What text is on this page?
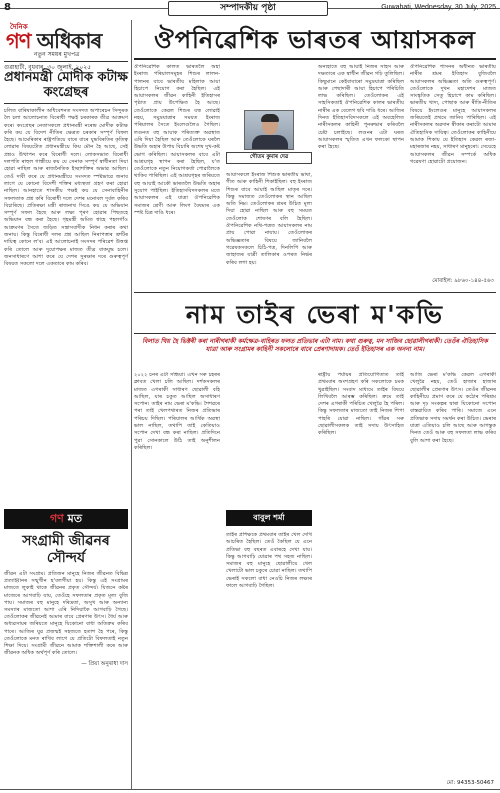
8	সম্পাদকীয় পৃষ্ঠা	Guwahati, Wednesday, 30 July, 2025
দৈনিক
গণ অধিকাৰ
নতুন সময়ৰ মুখপত্ৰ
গুৱাহাটী, বুধবাৰ, ৩০ জুলাই, ২০২৫
প্ৰধানমন্ত্ৰী মোদীক কটাক্ষ কংগ্ৰেছৰ
চলিত বাৰিষাকালীন অধিবেশনত সংসদত অপাৰেচন সিন্দুৰক লৈ চলা আলোচনাত বিৰোধী পক্ষই চৰকাৰক তীব্ৰ আক্ৰমণ কৰে। কংগ্ৰেছৰ নেতাসকলে প্ৰধানমন্ত্ৰী নৰেন্দ্ৰ মোদীক কটাক্ষ কৰি কয় যে বিদেশ নীতিৰ ক্ষেত্ৰত চৰকাৰ সম্পূৰ্ণ বিফল হৈছে। আমেৰিকাৰ ৰাষ্ট্ৰপতিয়ে বাৰে বাৰে যুদ্ধবিৰতিৰ কৃতিত্ব লোৱাৰ বিষয়টোত প্ৰধানমন্ত্ৰীয়ে কিয় মৌন হৈ আছে, সেই প্ৰশ্নও উত্থাপন কৰে বিৰোধী দলে। লোকসভাত বিৰোধী দলপতি ৰাহুল গান্ধীয়ে কয় যে সেনাক সম্পূৰ্ণ স্বাধীনতা দিয়া হোৱা নাছিল আৰু ৰাজনৈতিক ইচ্ছাশক্তিৰ অভাৱ আছিল। তেওঁ দাবী কৰে যে প্ৰধানমন্ত্ৰীয়ে সংসদত স্পষ্টভাৱে জনাব লাগে যে কোনো বিদেশী শক্তিৰ মধ্যস্থতা গ্ৰহণ কৰা হোৱা নাছিল। আনহাতে শাসকীয় পক্ষই কয় যে সেনাবাহিনীৰ সফলতাক প্ৰশ্ন কৰি বিৰোধী দলে দেশৰ মনোবল দুৰ্বল কৰিব বিচাৰিছে। প্ৰতিৰক্ষা মন্ত্ৰী ৰাজনাথ সিঙে কয় যে অভিযান সম্পূৰ্ণ সফল হৈছে আৰু লক্ষ্য পূৰণ হোৱাৰ পিছতহে অভিযান বন্ধ কৰা হৈছে। গৃহমন্ত্ৰী অমিত শ্বাহে পহলগাঁও আক্ৰমণৰ সৈতে জড়িত সন্ত্ৰাসবাদীক নিধন কৰাৰ কথা জনায়। কিন্তু বিৰোধী দলৰ প্ৰশ্ন আছিল নিৰাপত্তাৰ ত্ৰুটিৰ দায়িত্ব কোনে ল'ব। এই আলোচনাই সংসদৰ পৰিৱেশ উত্তপ্ত কৰি তোলে আৰু দুয়োপক্ষৰ মাজত তীব্ৰ বাকযুদ্ধ চলে। জনসাধাৰণে আশা কৰে যে দেশৰ সুৰক্ষাৰ দৰে গুৰুত্বপূৰ্ণ বিষয়ত সকলো দলে একতাৰে কাম কৰিব।
গণ মত
সংগ্ৰামী জীৱনৰ সৌন্দৰ্য
জীৱন এটা সংগ্ৰাম। প্ৰতিজন মানুহে নিজৰ জীৱনত বিভিন্ন প্ৰত্যাহ্বানৰ সন্মুখীন হ'বলগীয়া হয়। কিন্তু এই সংগ্ৰামৰ মাজতে লুকাই থাকে জীৱনৰ প্ৰকৃত সৌন্দৰ্য। যিজনে কষ্টৰ মাজেৰে আগবাঢ়ি যায়, তেওঁহে সফলতাৰ প্ৰকৃত মূল্য বুজি পায়। সমাজৰ বহু মানুহে দৰিদ্ৰতা, অসুখ আৰু অন্যান্য সমস্যাৰ মাজতো আশা এৰি নিদিয়াকৈ আগবাঢ়ি গৈছে। তেওঁলোকৰ জীৱনেই আমাৰ বাবে প্ৰেৰণাৰ উৎস। ধৈৰ্য আৰু অধ্যৱসায়ৰ জৰিয়তে মানুহে যিকোনো বাধা অতিক্ৰম কৰিব পাৰে। আজিৰ যুৱ প্ৰজন্মই সহজতে হতাশ হৈ পৰে, কিন্তু তেওঁলোকে মনত ৰাখিব লাগে যে প্ৰতিটো বিফলতাই নতুন শিক্ষা দিয়ে। সংগ্ৰামী জীৱনে আমাক শক্তিশালী কৰে আৰু জীৱনক অধিক অৰ্থপূৰ্ণ কৰি তোলে।
— প্ৰিয়া অনুৰাধা দাস
ঔপনিৱেশিক ভাৰতৰ আয়াসকল
ঔপনিৱেশিক কালত ভাৰতলৈ অহা ইংৰাজ পৰিয়ালসমূহৰ শিশুৰ লালন-পালনৰ বাবে ভাৰতীয় মহিলাক আয়া হিচাপে নিয়োগ কৰা হৈছিল। এই আয়াসকলৰ জীৱন কাহিনী ইতিহাসৰ পৃষ্ঠাত প্ৰায় উপেক্ষিত হৈ আছে। তেওঁলোকে কেৱল শিশুৰ যত্ন লোৱাই নহয়, সমুদ্ৰযাত্ৰাৰ সময়ত ইংৰাজ পৰিয়ালৰ সৈতে ইংলেণ্ডলৈও গৈছিল। লণ্ডনত বহু আয়াক পৰিত্যক্ত অৱস্থাত এৰি দিয়া হৈছিল আৰু তেওঁলোকে ঘৰলৈ উভতি অহাৰ উপায় বিচাৰি অশেষ দুখ-কষ্ট ভোগ কৰিছিল। আয়াসকলৰ বাবে এটা আশ্ৰয়গৃহ স্থাপন কৰা হৈছিল, য'ত তেওঁলোকে নতুন নিয়োগকৰ্তা পোৱালৈকে থাকিব পাৰিছিল। এই আশ্ৰয়গৃহৰ জৰিয়তে বহু আয়াই আকৌ ভাৰতলৈ উভতি অহাৰ সুযোগ পাইছিল। ইতিহাসবিদসকলৰ মতে আয়াসকলৰ এই যাত্ৰা ঔপনিৱেশিক সমাজৰ শ্ৰেণী আৰু লিংগ বৈষম্যৰ এক স্পষ্ট চিত্ৰ দাঙি ধৰে।
আয়াসকলে ইংৰাজ শিশুক ভাৰতীয় ভাষা, গীত আৰু কাহিনী শিকাইছিল। বহু ইংৰাজ শিশুৰ বাবে আয়াই আছিল মাতৃৰ দৰে। কিন্তু সমাজত তেওঁলোকৰ স্থান আছিল অতি নিম্ন। তেওঁলোকৰ শ্ৰমৰ উচিত মূল্য দিয়া হোৱা নাছিল আৰু বহু সময়ত তেওঁলোক শোষণৰ বলি হৈছিল। ঔপনিৱেশিক নথি-পত্ৰত আয়াসকলৰ নাম প্ৰায় পোৱা নাযায়। তেওঁলোকৰ অভিজ্ঞতাৰ বিষয়ে জানিবলৈ গৱেষকসকলে চিঠি-পত্ৰ, দিনলিপি আৰু জাহাজৰ যাত্ৰী তালিকাৰ ওপৰত নিৰ্ভৰ কৰিব লগা হয়।
অন্যহাতে বহু আয়াই নিজৰ সাহস আৰু দক্ষতাৰে এক স্বাধীন জীৱন গঢ়ি তুলিছিল। কিছুমানে কেইবাবাৰো সমুদ্ৰযাত্ৰা কৰিছিল আৰু পেছাদাৰী আয়া হিচাপে পৰিচিতি লাভ কৰিছিল। তেওঁলোকৰ এই সাহসিকতাই ঔপনিৱেশিক কালৰ ভাৰতীয় নাৰীৰ এক বেলেগ ছবি দাঙি ধৰে। আজিৰ দিনত ইতিহাসবিদসকলে এই অবহেলিত নাৰীসকলৰ কাহিনী পুনৰুদ্ধাৰ কৰিবলৈ চেষ্টা চলাইছে। লণ্ডনৰ এটা ঘৰত আয়াসকলৰ স্মৃতিত এখন ফলকো স্থাপন কৰা হৈছে।
ঔপনিৱেশিক শাসনৰ অধীনত ভাৰতীয় নাৰীৰ শ্ৰমৰ ইতিহাস বুজিবলৈ আয়াসকলৰ অভিজ্ঞতা অতি গুৰুত্বপূৰ্ণ। তেওঁলোকে দুখন মহাদেশৰ মাজত সাংস্কৃতিক সেতু হিচাপে কাম কৰিছিল। ভাৰতীয় খাদ্য, পোছাক আৰু ৰীতি-নীতিৰ বিষয়ে ইংলেণ্ডৰ মানুহে আয়াসকলৰ জৰিয়তেই প্ৰথমে জানিব পাৰিছিল। এই নাৰীসকলৰ অৱদান স্বীকাৰ কৰাটো আমাৰ ঐতিহাসিক দায়িত্ব। তেওঁলোকৰ কাহিনীয়ে আমাক শিকায় যে ইতিহাস কেৱল ৰজা-মহাৰজাৰ নহয়, সাধাৰণ মানুহৰো। সেয়েহে আয়াসকলৰ জীৱন সম্পৰ্কে অধিক গৱেষণা হোৱাটো প্ৰয়োজন।
গৌতম কুমাৰ দেৱ
মোবাইল: ৯৮৬০-১৪৪-৫৬৩
নাম তাইৰ ভেৰা ম'কভি
বিলাত থিয় হৈ ভিক্টৰী কৰা নাৰীগৰাকী কৰ্মক্ষেত্ৰ-বাহিৰত ফলত প্ৰতিভাৰ এটা নাম। কথা গুৰুত্ব, মন সাজিব ছোৱালীগৰাকী। তেওঁৰ ঐতিহাসিক যাত্ৰা আৰু সংগ্ৰামৰ কাহিনী সকলোৰে বাবে প্ৰেৰণাদায়ক। তেওঁ ইতিহাসৰ এক অনন্য নাম।
২০২২ চনৰ এটা সন্ধিয়া। এখন সৰু চহৰৰ ক্লাবত খেলা চলি আছিল। দৰ্শকসকলৰ মাজত এগৰাকী সাধাৰণ ছোৱালী বহি আছিল, যাৰ চকুত আছিল অসাধাৰণ সপোন। তাইৰ নাম ভেৰা ম'কভি। শৈশৱৰে পৰা তাই খেলপথাৰত নিজৰ প্ৰতিভাৰ পৰিচয় দিছিল। পৰিয়ালৰ আৰ্থিক অৱস্থা ভাল নাছিল, তথাপি তাই কেতিয়াও সপোন দেখা বন্ধ কৰা নাছিল। প্ৰতিদিনে পুৱা সোনকালে উঠি তাই অনুশীলন কৰিছিল।
তাইৰ প্ৰশিক্ষকে প্ৰথমবাৰ তাইৰ খেল দেখি আচৰিত হৈছিল। তেওঁ কৈছিল যে এনে প্ৰতিভা বহু বছৰত এবাৰহে দেখা যায়। কিন্তু আগবাঢ়ি যোৱাৰ পথ সহজ নাছিল। সমাজৰ বহু মানুহে ছোৱালীয়ে খেল খেলাটো ভাল চকুৰে চোৱা নাছিল। তথাপি ভেৰাই সকলো বাধা নেওচি নিজৰ লক্ষ্যৰ ফালে আগবাঢ়ি গৈছিল।
ৰাষ্ট্ৰীয় পৰ্যায়ৰ প্ৰতিযোগিতাত তাই প্ৰথমবাৰ অংশগ্ৰহণ কৰি সকলোকে চমক খুৱাইছিল। সংবাদ মাধ্যমে তাইৰ বিষয়ে লিখিবলৈ আৰম্ভ কৰিছিল। ক্ৰমে তাই দেশৰ এগৰাকী পৰিচিত খেলুৱৈ হৈ পৰিল। কিন্তু সফলতাৰ মাজতো তাই নিজৰ শিপা পাহৰি যোৱা নাছিল। গাঁৱৰ সৰু ছোৱালীসকলক তাই সদায় উৎসাহিত কৰিছিল।
আজি ভেৰা ম'কভি কেৱল এগৰাকী খেলুৱৈ নহয়, তেওঁ হাজাৰ হাজাৰ ছোৱালীৰ প্ৰেৰণাৰ উৎস। তেওঁৰ জীৱনৰ কাহিনীয়ে প্ৰমাণ কৰে যে কঠোৰ পৰিশ্ৰম আৰু দৃঢ় সংকল্পৰ দ্বাৰা যিকোনো সপোন বাস্তৱায়িত কৰিব পাৰি। সমাজে এনে প্ৰতিভাক সদায় সমৰ্থন কৰা উচিত। ভেৰাৰ যাত্ৰা এতিয়াও চলি আছে আৰু আগন্তুক দিনত তেওঁ আৰু বহু সফলতা লাভ কৰিব বুলি আশা কৰা হৈছে।
বাবুল শৰ্মা
মো: 94353-50467
